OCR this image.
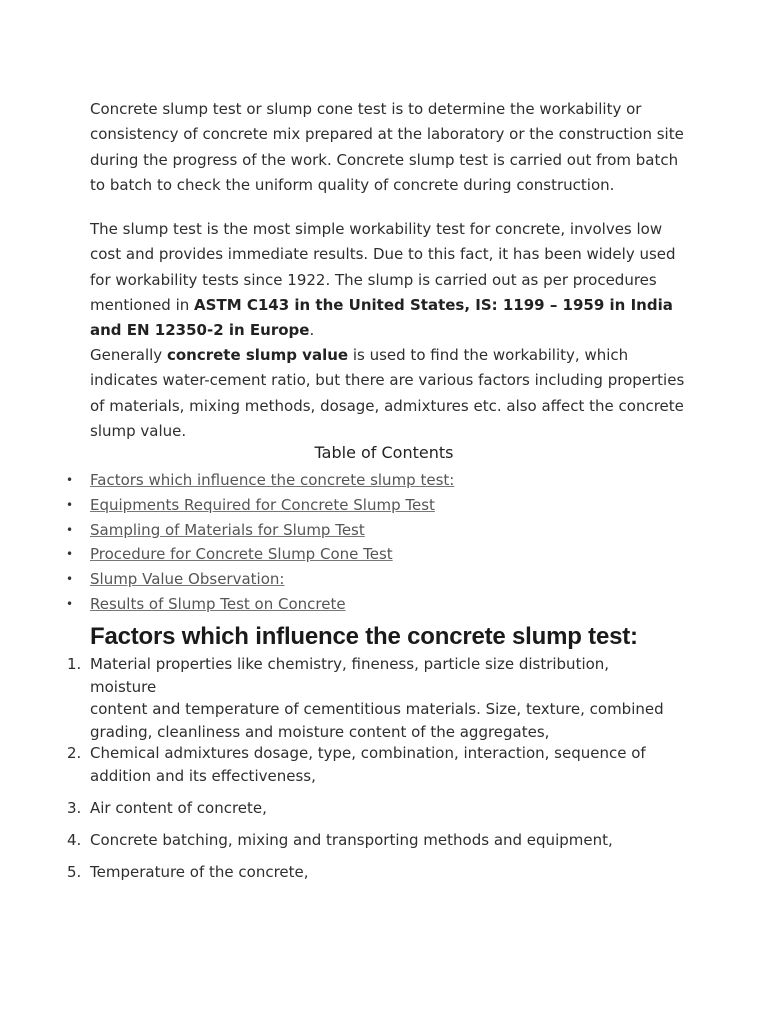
Concrete slump test or slump cone test is to determine the workability or consistency of concrete mix prepared at the laboratory or the construction site during the progress of the work. Concrete slump test is carried out from batch to batch to check the uniform quality of concrete during construction.

The slump test is the most simple workability test for concrete, involves low cost and provides immediate results. Due to this fact, it has been widely used for workability tests since 1922. The slump is carried out as per procedures mentioned in ASTM C143 in the United States, IS: 1199 – 1959 in India and EN 12350-2 in Europe.

Generally concrete slump value is used to find the workability, which indicates water-cement ratio, but there are various factors including properties of materials, mixing methods, dosage, admixtures etc. also affect the concrete slump value.

Table of Contents

• Factors which influence the concrete slump test:
• Equipments Required for Concrete Slump Test
• Sampling of Materials for Slump Test
• Procedure for Concrete Slump Cone Test
• Slump Value Observation:
• Results of Slump Test on Concrete
Factors which influence the concrete slump test:
1. Material properties like chemistry, fineness, particle size distribution, moisture
content and temperature of cementitious materials. Size, texture, combined grading, cleanliness and moisture content of the aggregates,
2. Chemical admixtures dosage, type, combination, interaction, sequence of addition and its effectiveness,
3. Air content of concrete,
4. Concrete batching, mixing and transporting methods and equipment,
5. Temperature of the concrete,
